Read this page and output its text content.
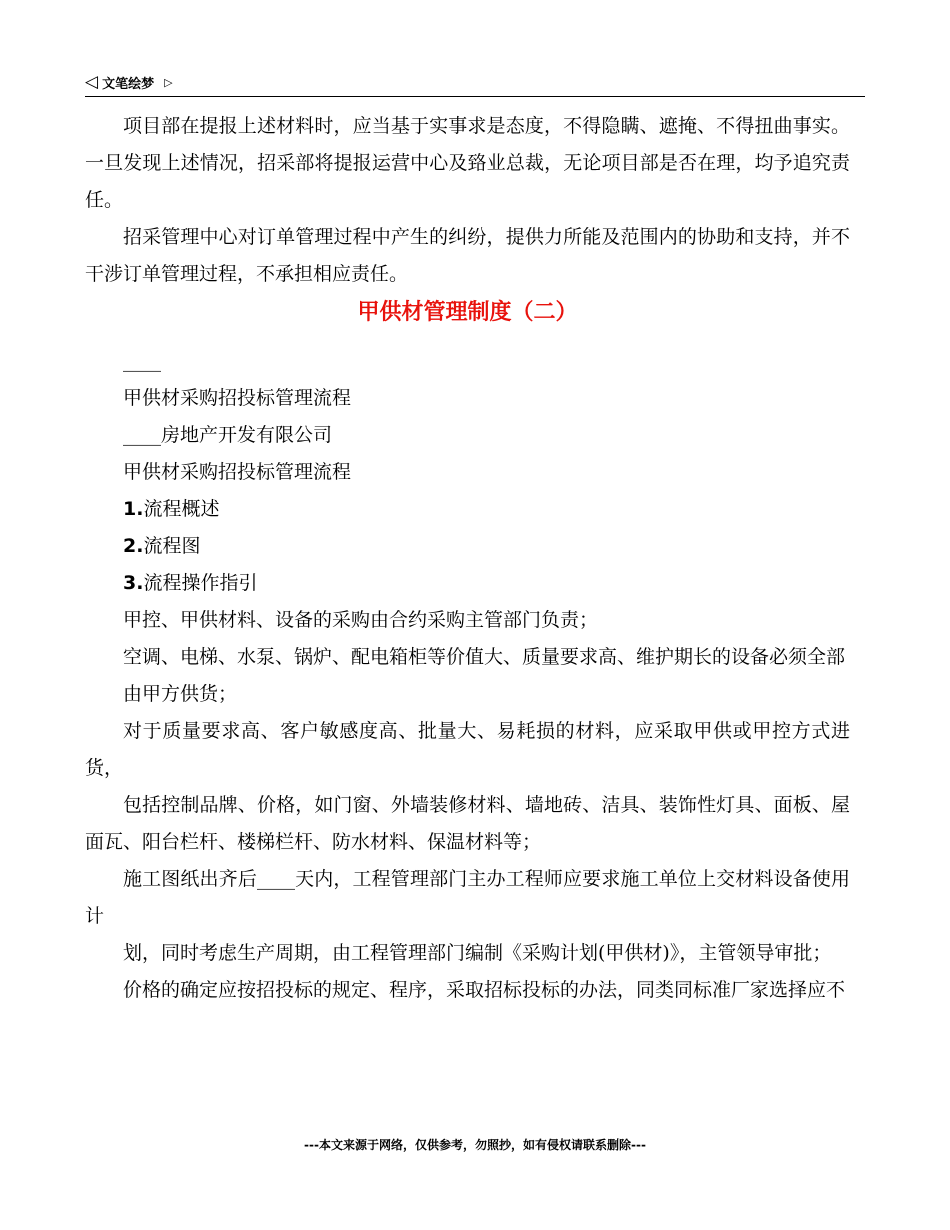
◁ 文笔绘梦 ▷

项目部在提报上述材料时，应当基于实事求是态度，不得隐瞒、遮掩、不得扭曲事实。一旦发现上述情况，招采部将提报运营中心及臵业总裁，无论项目部是否在理，均予追究责任。

招采管理中心对订单管理过程中产生的纠纷，提供力所能及范围内的协助和支持，并不干涉订单管理过程，不承担相应责任。

甲供材管理制度（二）

____

甲供材采购招投标管理流程

____房地产开发有限公司

甲供材采购招投标管理流程

1.流程概述

2.流程图

3.流程操作指引

甲控、甲供材料、设备的采购由合约采购主管部门负责；

空调、电梯、水泵、锅炉、配电箱柜等价值大、质量要求高、维护期长的设备必须全部

由甲方供货；

对于质量要求高、客户敏感度高、批量大、易耗损的材料，应采取甲供或甲控方式进货，

包括控制品牌、价格，如门窗、外墙装修材料、墙地砖、洁具、装饰性灯具、面板、屋面瓦、阳台栏杆、楼梯栏杆、防水材料、保温材料等；

施工图纸出齐后____天内，工程管理部门主办工程师应要求施工单位上交材料设备使用计

划，同时考虑生产周期，由工程管理部门编制《采购计划(甲供材)》，主管领导审批；

价格的确定应按招投标的规定、程序，采取招标投标的办法，同类同标准厂家选择应不

---本文来源于网络，仅供参考，勿照抄，如有侵权请联系删除---
